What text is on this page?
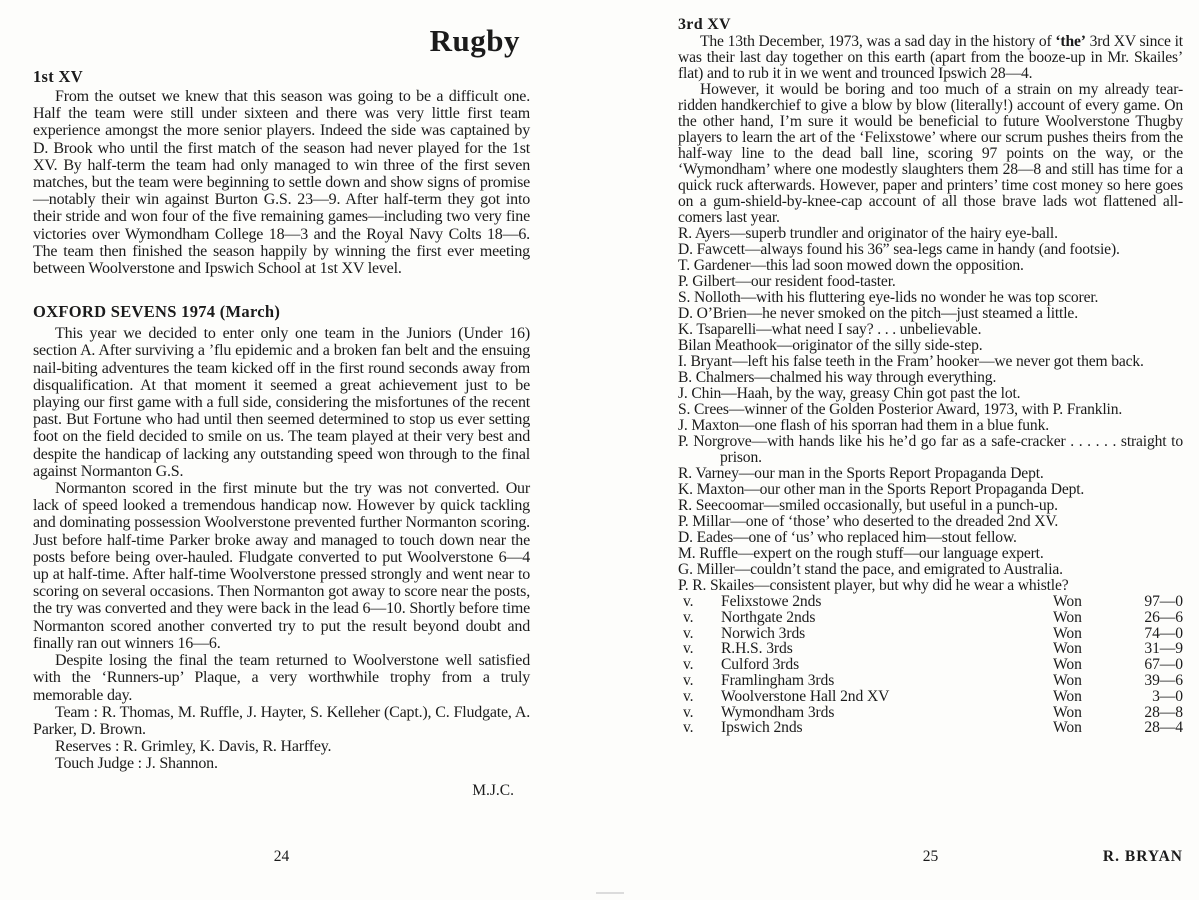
Rugby
1st XV

From the outset we knew that this season was going to be a difficult one. Half the team were still under sixteen and there was very little first team experience amongst the more senior players. Indeed the side was captained by D. Brook who until the first match of the season had never played for the 1st XV. By half-term the team had only managed to win three of the first seven matches, but the team were beginning to settle down and show signs of promise—notably their win against Burton G.S. 23—9. After half-term they got into their stride and won four of the five remaining games—including two very fine victories over Wymondham College 18—3 and the Royal Navy Colts 18—6. The team then finished the season happily by winning the first ever meeting between Woolverstone and Ipswich School at 1st XV level.

OXFORD SEVENS 1974 (March)

This year we decided to enter only one team in the Juniors (Under 16) section A. After surviving a ’flu epidemic and a broken fan belt and the ensuing nail-biting adventures the team kicked off in the first round seconds away from disqualification. At that moment it seemed a great achievement just to be playing our first game with a full side, considering the misfortunes of the recent past. But Fortune who had until then seemed determined to stop us ever setting foot on the field decided to smile on us. The team played at their very best and despite the handicap of lacking any outstanding speed won through to the final against Normanton G.S.

Normanton scored in the first minute but the try was not converted. Our lack of speed looked a tremendous handicap now. However by quick tackling and dominating possession Woolverstone prevented further Normanton scoring. Just before half-time Parker broke away and managed to touch down near the posts before being over-hauled. Fludgate converted to put Woolverstone 6—4 up at half-time. After half-time Woolverstone pressed strongly and went near to scoring on several occasions. Then Normanton got away to score near the posts, the try was converted and they were back in the lead 6—10. Shortly before time Normanton scored another converted try to put the result beyond doubt and finally ran out winners 16—6.

Despite losing the final the team returned to Woolverstone well satisfied with the ‘Runners-up’ Plaque, a very worthwhile trophy from a truly memorable day.

Team : R. Thomas, M. Ruffle, J. Hayter, S. Kelleher (Capt.), C. Fludgate, A. Parker, D. Brown.

Reserves : R. Grimley, K. Davis, R. Harffey.

Touch Judge : J. Shannon.

M.J.C.
24
3rd XV

The 13th December, 1973, was a sad day in the history of ‘the’ 3rd XV since it was their last day together on this earth (apart from the booze-up in Mr. Skailes’ flat) and to rub it in we went and trounced Ipswich 28—4.

However, it would be boring and too much of a strain on my already tear-ridden handkerchief to give a blow by blow (literally!) account of every game. On the other hand, I’m sure it would be beneficial to future Woolverstone Thugby players to learn the art of the ‘Felixstowe’ where our scrum pushes theirs from the half-way line to the dead ball line, scoring 97 points on the way, or the ‘Wymondham’ where one modestly slaughters them 28—8 and still has time for a quick ruck afterwards. However, paper and printers’ time cost money so here goes on a gum-shield-by-knee-cap account of all those brave lads wot flattened all-comers last year.

R. Ayers—superb trundler and originator of the hairy eye-ball.
D. Fawcett—always found his 36” sea-legs came in handy (and footsie).
T. Gardener—this lad soon mowed down the opposition.
P. Gilbert—our resident food-taster.
S. Nolloth—with his fluttering eye-lids no wonder he was top scorer.
D. O’Brien—he never smoked on the pitch—just steamed a little.
K. Tsaparelli—what need I say? . . . unbelievable.
Bilan Meathook—originator of the silly side-step.
I. Bryant—left his false teeth in the Fram’ hooker—we never got them back.
B. Chalmers—chalmed his way through everything.
J. Chin—Haah, by the way, greasy Chin got past the lot.
S. Crees—winner of the Golden Posterior Award, 1973, with P. Franklin.
J. Maxton—one flash of his sporran had them in a blue funk.
P. Norgrove—with hands like his he’d go far as a safe-cracker . . . . . . straight to prison.
R. Varney—our man in the Sports Report Propaganda Dept.
K. Maxton—our other man in the Sports Report Propaganda Dept.
R. Seecoomar—smiled occasionally, but useful in a punch-up.
P. Millar—one of ‘those’ who deserted to the dreaded 2nd XV.
D. Eades—one of ‘us’ who replaced him—stout fellow.
M. Ruffle—expert on the rough stuff—our language expert.
G. Miller—couldn’t stand the pace, and emigrated to Australia.
P. R. Skailes—consistent player, but why did he wear a whistle?
v.	Felixstowe 2nds	Won	97—0
v.	Northgate 2nds	Won	26—6
v.	Norwich 3rds	Won	74—0
v.	R.H.S. 3rds	Won	31—9
v.	Culford 3rds	Won	67—0
v.	Framlingham 3rds	Won	39—6
v.	Woolverstone Hall 2nd XV	Won	3—0
v.	Wymondham 3rds	Won	28—8
v.	Ipswich 2nds	Won	28—4
25	R. BRYAN
